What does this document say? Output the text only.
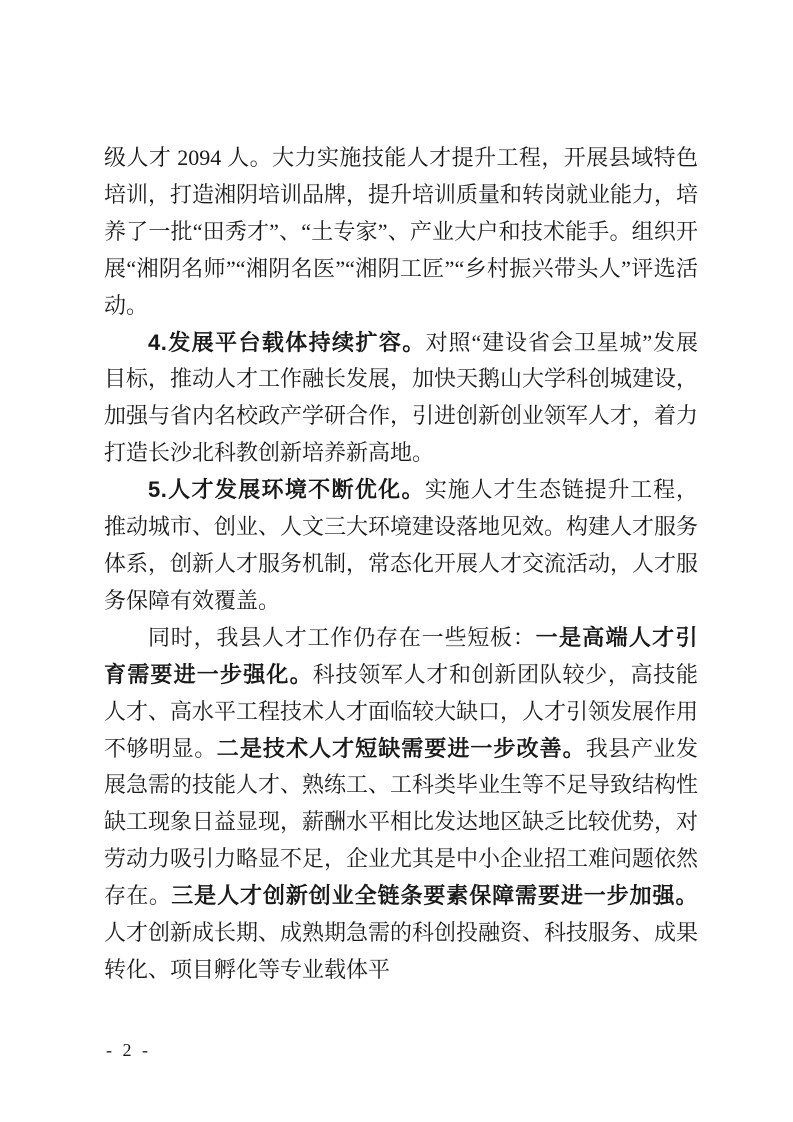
级人才 2094 人。大力实施技能人才提升工程，开展县域特色培训，打造湘阴培训品牌，提升培训质量和转岗就业能力，培养了一批“田秀才”、“土专家”、产业大户和技术能手。组织开展“湘阴名师”“湘阴名医”“湘阴工匠”“乡村振兴带头人”评选活动。

4.发展平台载体持续扩容。对照“建设省会卫星城”发展目标，推动人才工作融长发展，加快天鹅山大学科创城建设，加强与省内名校政产学研合作，引进创新创业领军人才，着力打造长沙北科教创新培养新高地。

5.人才发展环境不断优化。实施人才生态链提升工程，推动城市、创业、人文三大环境建设落地见效。构建人才服务体系，创新人才服务机制，常态化开展人才交流活动，人才服务保障有效覆盖。

同时，我县人才工作仍存在一些短板：一是高端人才引育需要进一步强化。科技领军人才和创新团队较少，高技能人才、高水平工程技术人才面临较大缺口，人才引领发展作用不够明显。二是技术人才短缺需要进一步改善。我县产业发展急需的技能人才、熟练工、工科类毕业生等不足导致结构性缺工现象日益显现，薪酬水平相比发达地区缺乏比较优势，对劳动力吸引力略显不足，企业尤其是中小企业招工难问题依然存在。三是人才创新创业全链条要素保障需要进一步加强。人才创新成长期、成熟期急需的科创投融资、科技服务、成果转化、项目孵化等专业载体平

- 2 -
